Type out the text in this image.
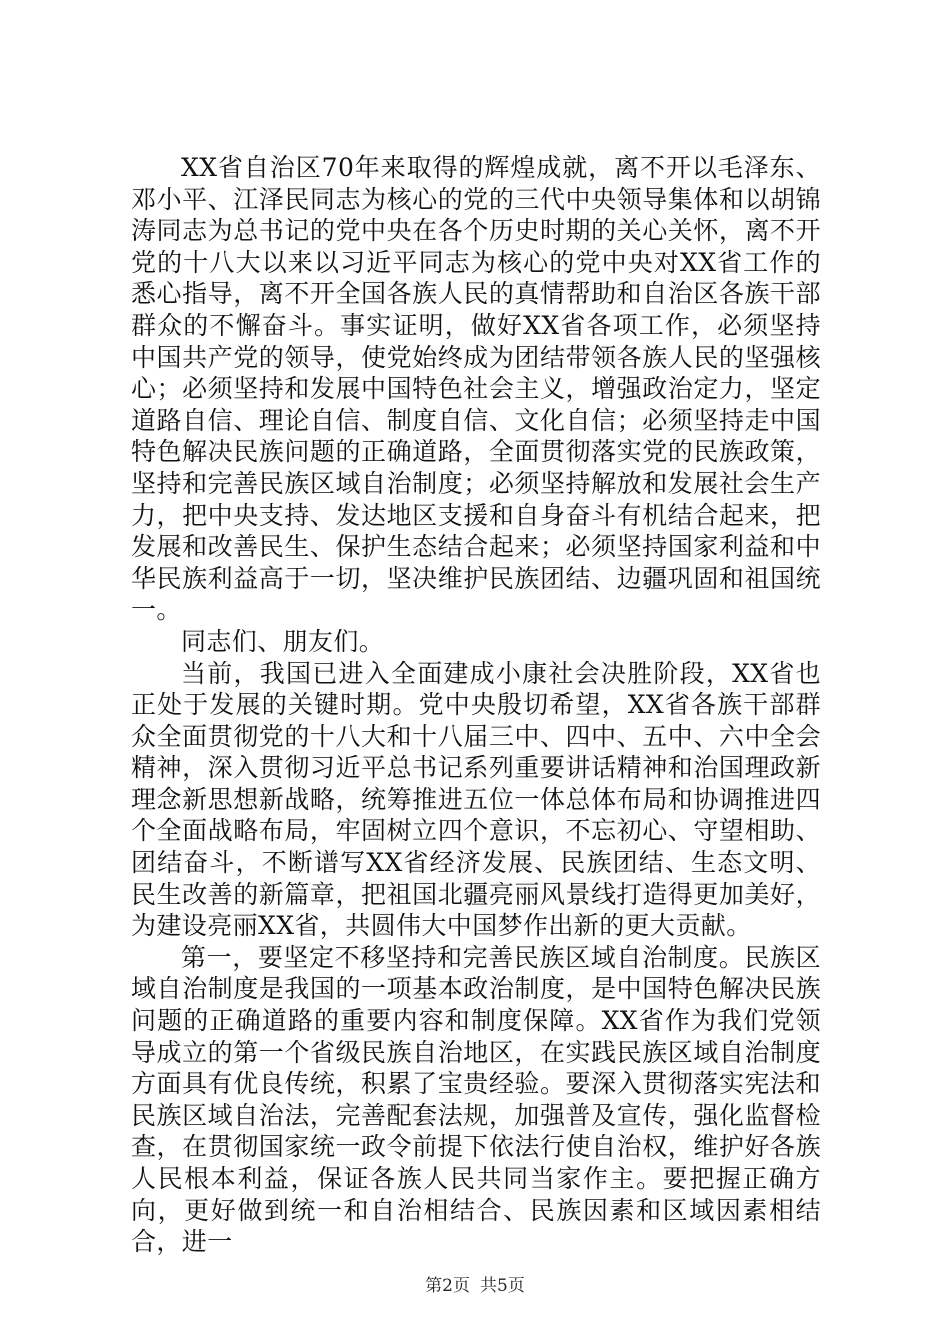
XX省自治区70年来取得的辉煌成就，离不开以毛泽东、邓小平、江泽民同志为核心的党的三代中央领导集体和以胡锦涛同志为总书记的党中央在各个历史时期的关心关怀，离不开党的十八大以来以习近平同志为核心的党中央对XX省工作的悉心指导，离不开全国各族人民的真情帮助和自治区各族干部群众的不懈奋斗。事实证明，做好XX省各项工作，必须坚持中国共产党的领导，使党始终成为团结带领各族人民的坚强核心；必须坚持和发展中国特色社会主义，增强政治定力，坚定道路自信、理论自信、制度自信、文化自信；必须坚持走中国特色解决民族问题的正确道路，全面贯彻落实党的民族政策，坚持和完善民族区域自治制度；必须坚持解放和发展社会生产力，把中央支持、发达地区支援和自身奋斗有机结合起来，把发展和改善民生、保护生态结合起来；必须坚持国家利益和中华民族利益高于一切，坚决维护民族团结、边疆巩固和祖国统一。

同志们、朋友们。

当前，我国已进入全面建成小康社会决胜阶段，XX省也正处于发展的关键时期。党中央殷切希望，XX省各族干部群众全面贯彻党的十八大和十八届三中、四中、五中、六中全会精神，深入贯彻习近平总书记系列重要讲话精神和治国理政新理念新思想新战略，统筹推进五位一体总体布局和协调推进四个全面战略布局，牢固树立四个意识，不忘初心、守望相助、团结奋斗，不断谱写XX省经济发展、民族团结、生态文明、民生改善的新篇章，把祖国北疆亮丽风景线打造得更加美好，为建设亮丽XX省，共圆伟大中国梦作出新的更大贡献。

第一，要坚定不移坚持和完善民族区域自治制度。民族区域自治制度是我国的一项基本政治制度，是中国特色解决民族问题的正确道路的重要内容和制度保障。XX省作为我们党领导成立的第一个省级民族自治地区，在实践民族区域自治制度方面具有优良传统，积累了宝贵经验。要深入贯彻落实宪法和民族区域自治法，完善配套法规，加强普及宣传，强化监督检查，在贯彻国家统一政令前提下依法行使自治权，维护好各族人民根本利益，保证各族人民共同当家作主。要把握正确方向，更好做到统一和自治相结合、民族因素和区域因素相结合，进一

第2页 共5页
